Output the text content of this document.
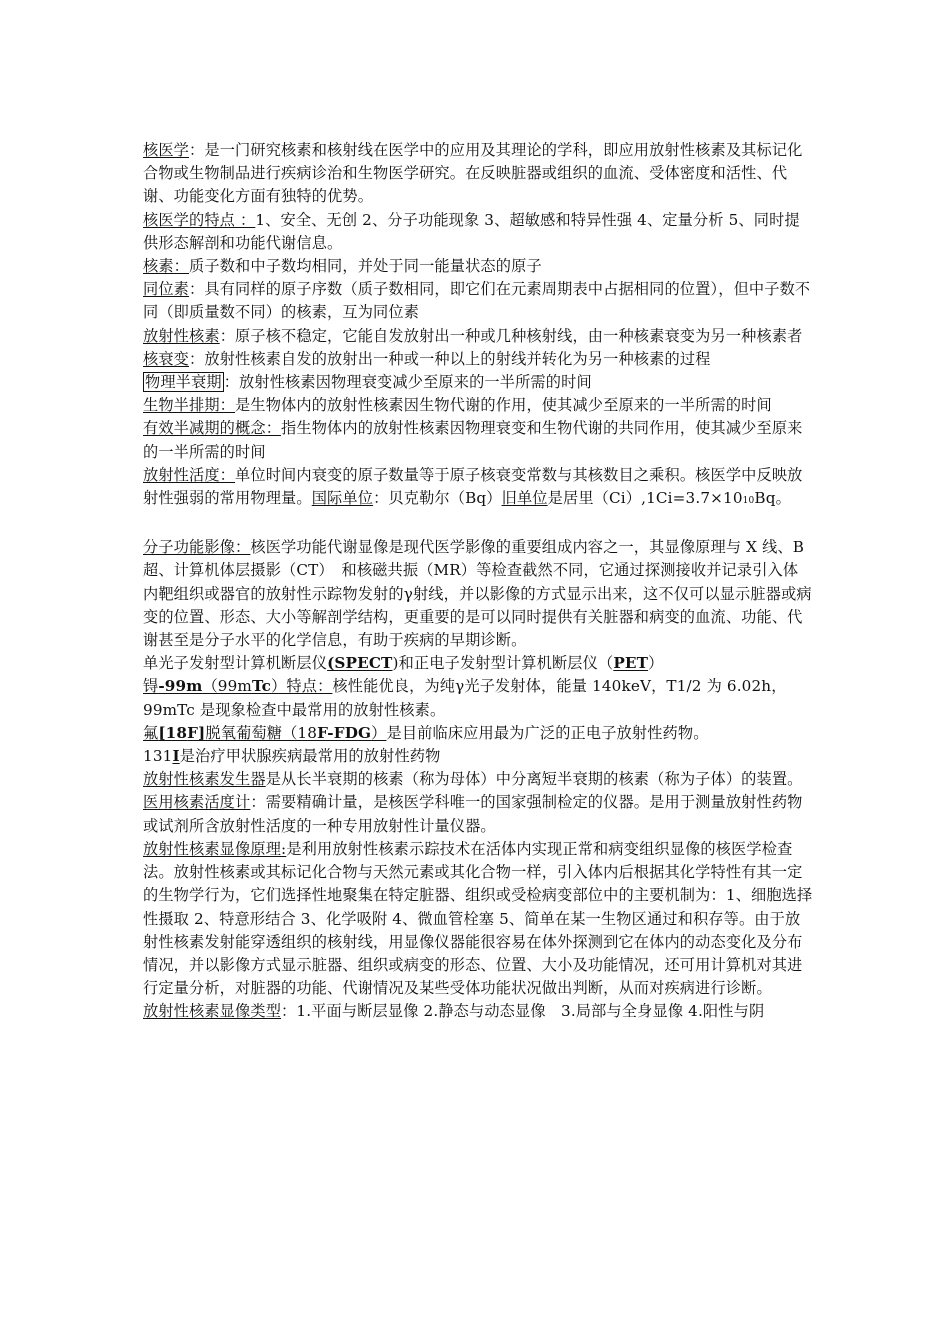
核医学：是一门研究核素和核射线在医学中的应用及其理论的学科，即应用放射性核素及其标记化合物或生物制品进行疾病诊治和生物医学研究。在反映脏器或组织的血流、受体密度和活性、代谢、功能变化方面有独特的优势。

核医学的特点 ：1、安全、无创 2、分子功能现象 3、超敏感和特异性强 4、定量分析 5、同时提供形态解剖和功能代谢信息。

核素：质子数和中子数均相同，并处于同一能量状态的原子

同位素：具有同样的原子序数（质子数相同，即它们在元素周期表中占据相同的位置），但中子数不同（即质量数不同）的核素，互为同位素

放射性核素：原子核不稳定，它能自发放射出一种或几种核射线，由一种核素衰变为另一种核素者

核衰变：放射性核素自发的放射出一种或一种以上的射线并转化为另一种核素的过程

物理半衰期 ：放射性核素因物理衰变减少至原来的一半所需的时间

生物半排期：是生物体内的放射性核素因生物代谢的作用，使其减少至原来的一半所需的时间

有效半减期的概念：指生物体内的放射性核素因物理衰变和生物代谢的共同作用，使其减少至原来的一半所需的时间

放射性活度：单位时间内衰变的原子数量等于原子核衰变常数与其核数目之乘积。核医学中反映放射性强弱的常用物理量。国际单位：贝克勒尔（Bq）旧单位是居里（Ci）,1Ci=3.7×1010Bq。

分子功能影像：核医学功能代谢显像是现代医学影像的重要组成内容之一，其显像原理与 X 线、B 超、计算机体层摄影（CT）　和核磁共振（MR）等检查截然不同，它通过探测接收并记录引入体内靶组织或器官的放射性示踪物发射的γ射线，并以影像的方式显示出来，这不仅可以显示脏器或病变的位置、形态、大小等解剖学结构，更重要的是可以同时提供有关脏器和病变的血流、功能、代谢甚至是分子水平的化学信息，有助于疾病的早期诊断。

单光子发射型计算机断层仪(SPECT)和正电子发射型计算机断层仪（PET）

锝-99m（99mTc）特点：核性能优良，为纯γ光子发射体，能量 140keV，T1/2 为 6.02h，99mTc 是现象检查中最常用的放射性核素。

氟[18F]脱氧葡萄糖（18F-FDG）是目前临床应用最为广泛的正电子放射性药物。

131I是治疗甲状腺疾病最常用的放射性药物

放射性核素发生器是从长半衰期的核素（称为母体）中分离短半衰期的核素（称为子体）的装置。

医用核素活度计：需要精确计量，是核医学科唯一的国家强制检定的仪器。是用于测量放射性药物或试剂所含放射性活度的一种专用放射性计量仪器。

放射性核素显像原理:是利用放射性核素示踪技术在活体内实现正常和病变组织显像的核医学检查法。放射性核素或其标记化合物与天然元素或其化合物一样，引入体内后根据其化学特性有其一定的生物学行为，它们选择性地聚集在特定脏器、组织或受检病变部位中的主要机制为：1、细胞选择性摄取 2、特意形结合 3、化学吸附 4、微血管栓塞 5、简单在某一生物区通过和积存等。由于放射性核素发射能穿透组织的核射线，用显像仪器能很容易在体外探测到它在体内的动态变化及分布情况，并以影像方式显示脏器、组织或病变的形态、位置、大小及功能情况，还可用计算机对其进行定量分析，对脏器的功能、代谢情况及某些受体功能状况做出判断，从而对疾病进行诊断。

放射性核素显像类型：1.平面与断层显像 2.静态与动态显像　3.局部与全身显像 4.阳性与阴
